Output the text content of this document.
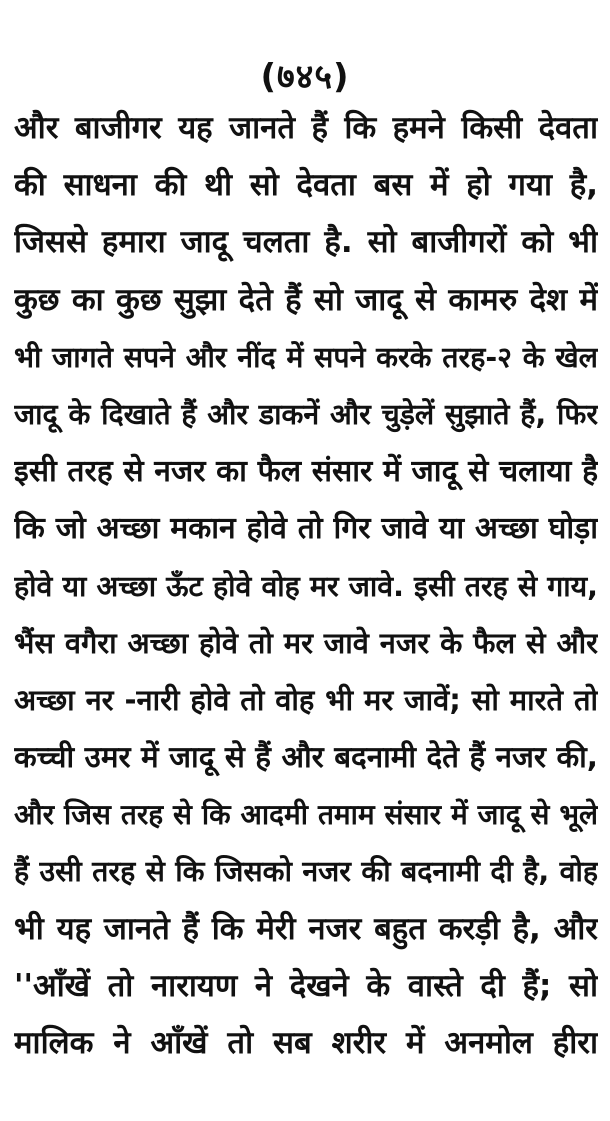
(७४५)
और बाजीगर यह जानते हैं कि हमने किसी देवता
की साधना की थी सो देवता बस में हो गया है,
जिससे हमारा जादू चलता है. सो बाजीगरों को भी
कुछ का कुछ सुझा देते हैं सो जादू से कामरु देश में
भी जागते सपने और नींद में सपने करके तरह-२ के खेल
जादू के दिखाते हैं और डाकनें और चुड़ेलें सुझाते हैं, फिर
इसी तरह से नजर का फैल संसार में जादू से चलाया है
कि जो अच्छा मकान होवे तो गिर जावे या अच्छा घोड़ा
होवे या अच्छा ऊँट होवे वोह मर जावे. इसी तरह से गाय,
भैंस वगैरा अच्छा होवे तो मर जावे नजर के फैल से और
अच्छा नर -नारी होवे तो वोह भी मर जावें; सो मारते तो
कच्ची उमर में जादू से हैं और बदनामी देते हैं नजर की,
और जिस तरह से कि आदमी तमाम संसार में जादू से भूले
हैं उसी तरह से कि जिसको नजर की बदनामी दी है, वोह
भी यह जानते हैं कि मेरी नजर बहुत करड़ी है, और
''आँखें तो नारायण ने देखने के वास्ते दी हैं; सो
मालिक ने आँखें तो सब शरीर में अनमोल हीरा
